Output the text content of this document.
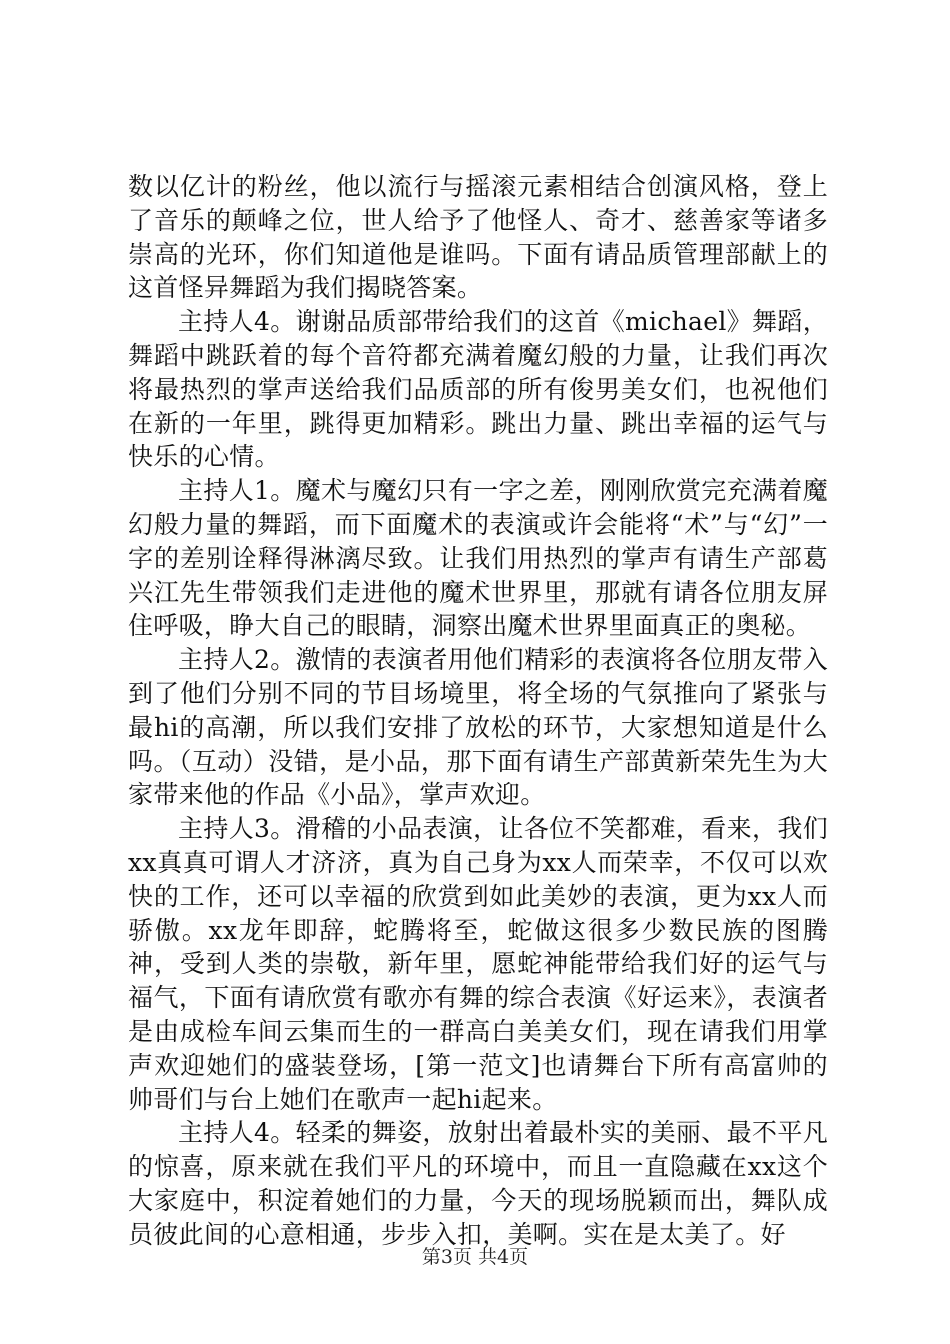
数以亿计的粉丝，他以流行与摇滚元素相结合创演风格，登上了音乐的颠峰之位，世人给予了他怪人、奇才、慈善家等诸多崇高的光环，你们知道他是谁吗。下面有请品质管理部献上的这首怪异舞蹈为我们揭晓答案。

主持人4。谢谢品质部带给我们的这首《michael》舞蹈，舞蹈中跳跃着的每个音符都充满着魔幻般的力量，让我们再次将最热烈的掌声送给我们品质部的所有俊男美女们，也祝他们在新的一年里，跳得更加精彩。跳出力量、跳出幸福的运气与快乐的心情。

主持人1。魔术与魔幻只有一字之差，刚刚欣赏完充满着魔幻般力量的舞蹈，而下面魔术的表演或许会能将“术”与“幻”一字的差别诠释得淋漓尽致。让我们用热烈的掌声有请生产部葛兴江先生带领我们走进他的魔术世界里，那就有请各位朋友屏住呼吸，睁大自己的眼睛，洞察出魔术世界里面真正的奥秘。

主持人2。激情的表演者用他们精彩的表演将各位朋友带入到了他们分别不同的节目场境里，将全场的气氛推向了紧张与最hi的高潮，所以我们安排了放松的环节，大家想知道是什么吗。（互动）没错，是小品，那下面有请生产部黄新荣先生为大家带来他的作品《小品》，掌声欢迎。

主持人3。滑稽的小品表演，让各位不笑都难，看来，我们xx真真可谓人才济济，真为自己身为xx人而荣幸，不仅可以欢快的工作，还可以幸福的欣赏到如此美妙的表演，更为xx人而骄傲。xx龙年即辞，蛇腾将至，蛇做这很多少数民族的图腾神，受到人类的崇敬，新年里，愿蛇神能带给我们好的运气与福气，下面有请欣赏有歌亦有舞的综合表演《好运来》，表演者是由成检车间云集而生的一群高白美美女们，现在请我们用掌声欢迎她们的盛装登场，[第一范文]也请舞台下所有高富帅的帅哥们与台上她们在歌声一起hi起来。

主持人4。轻柔的舞姿，放射出着最朴实的美丽、最不平凡的惊喜，原来就在我们平凡的环境中，而且一直隐藏在xx这个大家庭中，积淀着她们的力量，今天的现场脱颖而出，舞队成员彼此间的心意相通，步步入扣，美啊。实在是太美了。好

第3页 共4页
